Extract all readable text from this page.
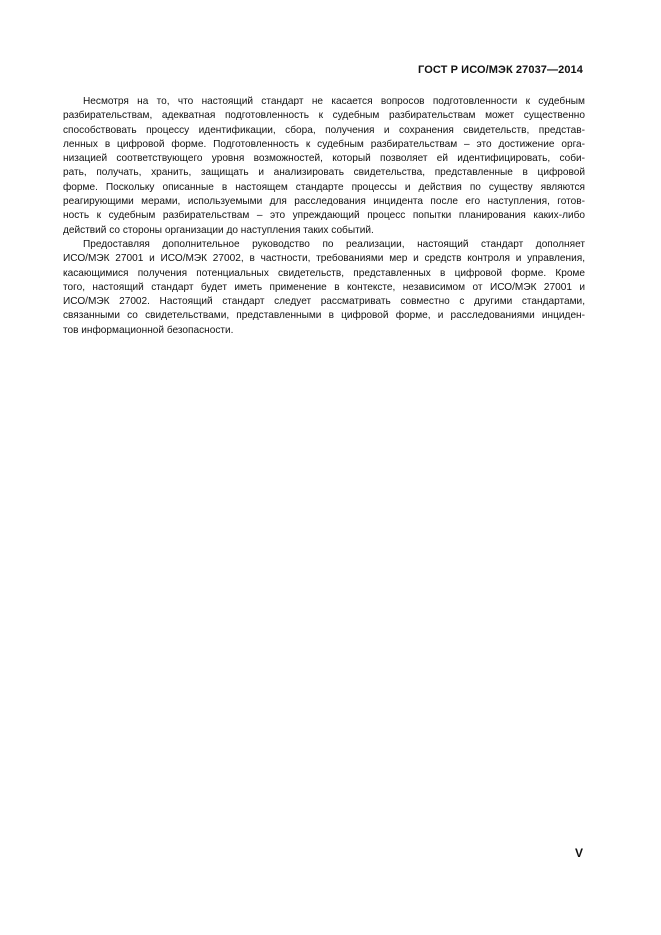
ГОСТ Р ИСО/МЭК 27037—2014
Несмотря на то, что настоящий стандарт не касается вопросов подготовленности к судебным
разбирательствам, адекватная подготовленность к судебным разбирательствам может существенно
способствовать процессу идентификации, сбора, получения и сохранения свидетельств, представ-
ленных в цифровой форме. Подготовленность к судебным разбирательствам – это достижение орга-
низацией соответствующего уровня возможностей, который позволяет ей идентифицировать, соби-
рать, получать, хранить, защищать и анализировать свидетельства, представленные в цифровой
форме. Поскольку описанные в настоящем стандарте процессы и действия по существу являются
реагирующими мерами, используемыми для расследования инцидента после его наступления, готов-
ность к судебным разбирательствам – это упреждающий процесс попытки планирования каких-либо
действий со стороны организации до наступления таких событий.
Предоставляя дополнительное руководство по реализации, настоящий стандарт дополняет
ИСО/МЭК 27001 и ИСО/МЭК 27002, в частности, требованиями мер и средств контроля и управления,
касающимися получения потенциальных свидетельств, представленных в цифровой форме. Кроме
того, настоящий стандарт будет иметь применение в контексте, независимом от ИСО/МЭК 27001 и
ИСО/МЭК 27002. Настоящий стандарт следует рассматривать совместно с другими стандартами,
связанными со свидетельствами, представленными в цифровой форме, и расследованиями инциден-
тов информационной безопасности.
V
